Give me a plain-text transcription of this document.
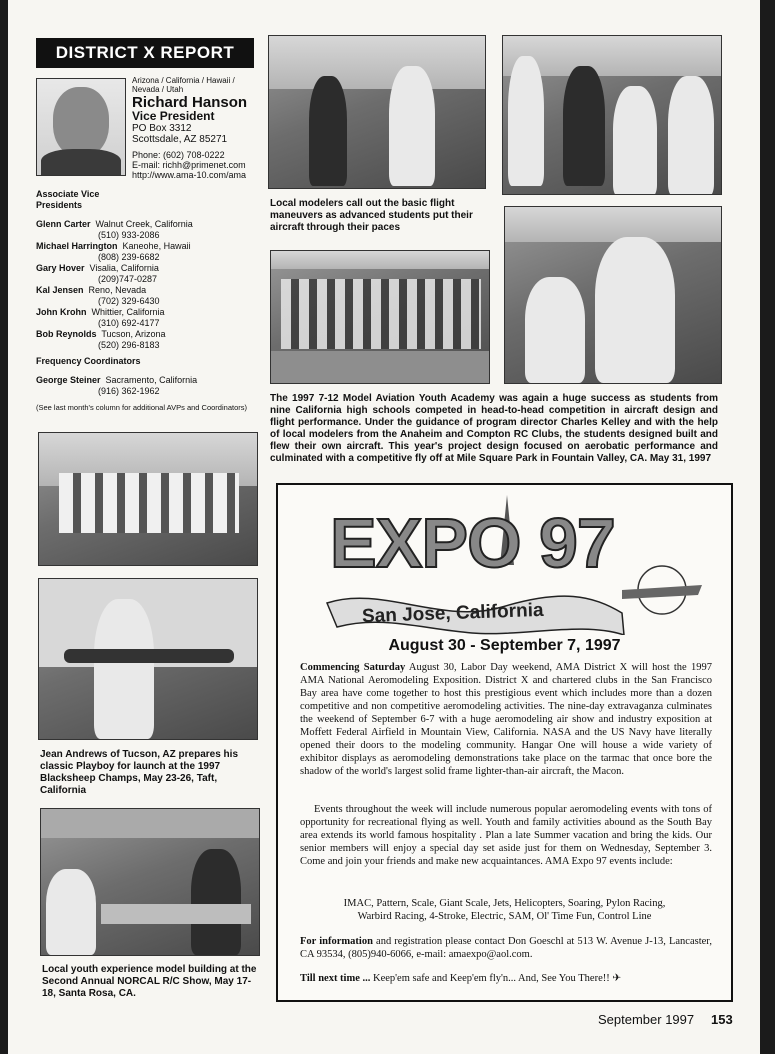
DISTRICT X REPORT
Arizona / California / Hawaii / Nevada / Utah
Richard Hanson
Vice President
PO Box 3312
Scottsdale, AZ 85271
Phone: (602) 708-0222
E-mail: richh@primenet.com
http://www.ama-10.com/ama
Associate Vice Presidents
Glenn Carter Walnut Creek, California
(510) 933-2086
Michael Harrington Kaneohe, Hawaii
(808) 239-6682
Gary Hover Visalia, California
(209)747-0287
Kal Jensen Reno, Nevada
(702) 329-6430
John Krohn Whittier, California
(310) 692-4177
Bob Reynolds Tucson, Arizona
(520) 296-8183
Frequency Coordinators
George Steiner Sacramento, California
(916) 362-1962
(See last month's column for additional AVPs and Coordinators)
Local modelers call out the basic flight maneuvers as advanced students put their aircraft through their paces
The 1997 7-12 Model Aviation Youth Academy was again a huge success as students from nine California high schools competed in head-to-head competition in aircraft design and flight performance. Under the guidance of program director Charles Kelley and with the help of local modelers from the Anaheim and Compton RC Clubs, the students designed built and flew their own aircraft. This year's project design focused on aerobatic performance and culminated with a competitive fly off at Mile Square Park in Fountain Valley, CA. May 31, 1997
Jean Andrews of Tucson, AZ prepares his classic Playboy for launch at the 1997 Blacksheep Champs, May 23-26, Taft, California
Local youth experience model building at the Second Annual NORCAL R/C Show, May 17-18, Santa Rosa, CA.
EXPO 97
San Jose, California
August 30 - September 7, 1997
Commencing Saturday August 30, Labor Day weekend, AMA District X will host the 1997 AMA National Aeromodeling Exposition. District X and chartered clubs in the San Francisco Bay area have come together to host this prestigious event which includes more than a dozen competitive and non competitive aeromodeling activities. The nine-day extravaganza culminates the weekend of September 6-7 with a huge aeromodeling air show and industry exposition at Moffett Federal Airfield in Mountain View, California. NASA and the US Navy have literally opened their doors to the modeling community. Hangar One will house a wide variety of exhibitor displays as aeromodeling demonstrations take place on the tarmac that once bore the shadow of the world's largest solid frame lighter-than-air aircraft, the Macon.
Events throughout the week will include numerous popular aeromodeling events with tons of opportunity for recreational flying as well. Youth and family activities abound as the South Bay area extends its world famous hospitality . Plan a late Summer vacation and bring the kids. Our senior members will enjoy a special day set aside just for them on Wednesday, September 3. Come and join your friends and make new acquaintances. AMA Expo 97 events include:
IMAC, Pattern, Scale, Giant Scale, Jets, Helicopters, Soaring, Pylon Racing,
Warbird Racing, 4-Stroke, Electric, SAM, Ol' Time Fun, Control Line
For information and registration please contact Don Goeschl at 513 W. Avenue J-13, Lancaster, CA 93534, (805)940-6066, e-mail: amaexpo@aol.com.
Till next time ... Keep'em safe and Keep'em fly'n... And, See You There!! ✈
September 1997 153
